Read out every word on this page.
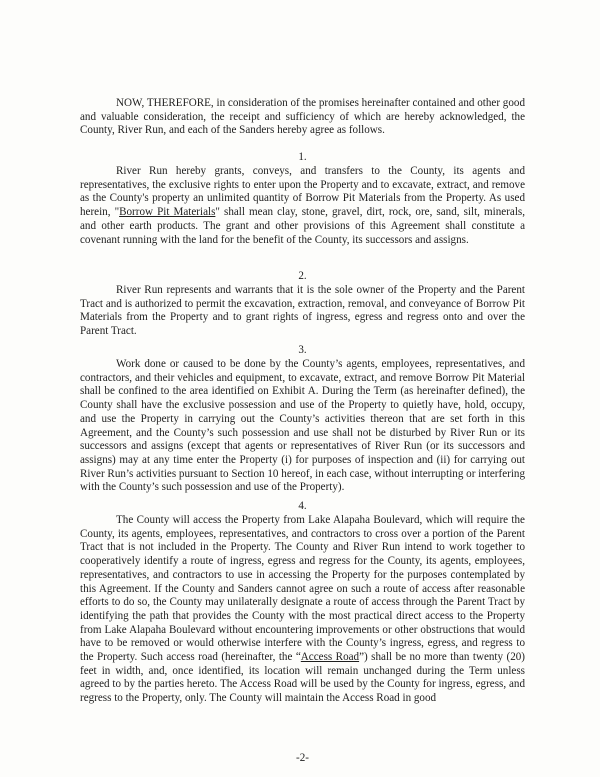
NOW, THEREFORE, in consideration of the promises hereinafter contained and other good and valuable consideration, the receipt and sufficiency of which are hereby acknowledged, the County, River Run, and each of the Sanders hereby agree as follows.

1.

River Run hereby grants, conveys, and transfers to the County, its agents and representatives, the exclusive rights to enter upon the Property and to excavate, extract, and remove as the County's property an unlimited quantity of Borrow Pit Materials from the Property. As used herein, "Borrow Pit Materials" shall mean clay, stone, gravel, dirt, rock, ore, sand, silt, minerals, and other earth products. The grant and other provisions of this Agreement shall constitute a covenant running with the land for the benefit of the County, its successors and assigns.

2.

River Run represents and warrants that it is the sole owner of the Property and the Parent Tract and is authorized to permit the excavation, extraction, removal, and conveyance of Borrow Pit Materials from the Property and to grant rights of ingress, egress and regress onto and over the Parent Tract.

3.

Work done or caused to be done by the County’s agents, employees, representatives, and contractors, and their vehicles and equipment, to excavate, extract, and remove Borrow Pit Material shall be confined to the area identified on Exhibit A. During the Term (as hereinafter defined), the County shall have the exclusive possession and use of the Property to quietly have, hold, occupy, and use the Property in carrying out the County’s activities thereon that are set forth in this Agreement, and the County’s such possession and use shall not be disturbed by River Run or its successors and assigns (except that agents or representatives of River Run (or its successors and assigns) may at any time enter the Property (i) for purposes of inspection and (ii) for carrying out River Run’s activities pursuant to Section 10 hereof, in each case, without interrupting or interfering with the County’s such possession and use of the Property).

4.

The County will access the Property from Lake Alapaha Boulevard, which will require the County, its agents, employees, representatives, and contractors to cross over a portion of the Parent Tract that is not included in the Property. The County and River Run intend to work together to cooperatively identify a route of ingress, egress and regress for the County, its agents, employees, representatives, and contractors to use in accessing the Property for the purposes contemplated by this Agreement. If the County and Sanders cannot agree on such a route of access after reasonable efforts to do so, the County may unilaterally designate a route of access through the Parent Tract by identifying the path that provides the County with the most practical direct access to the Property from Lake Alapaha Boulevard without encountering improvements or other obstructions that would have to be removed or would otherwise interfere with the County’s ingress, egress, and regress to the Property. Such access road (hereinafter, the “Access Road”) shall be no more than twenty (20) feet in width, and, once identified, its location will remain unchanged during the Term unless agreed to by the parties hereto. The Access Road will be used by the County for ingress, egress, and regress to the Property, only. The County will maintain the Access Road in good

-2-
